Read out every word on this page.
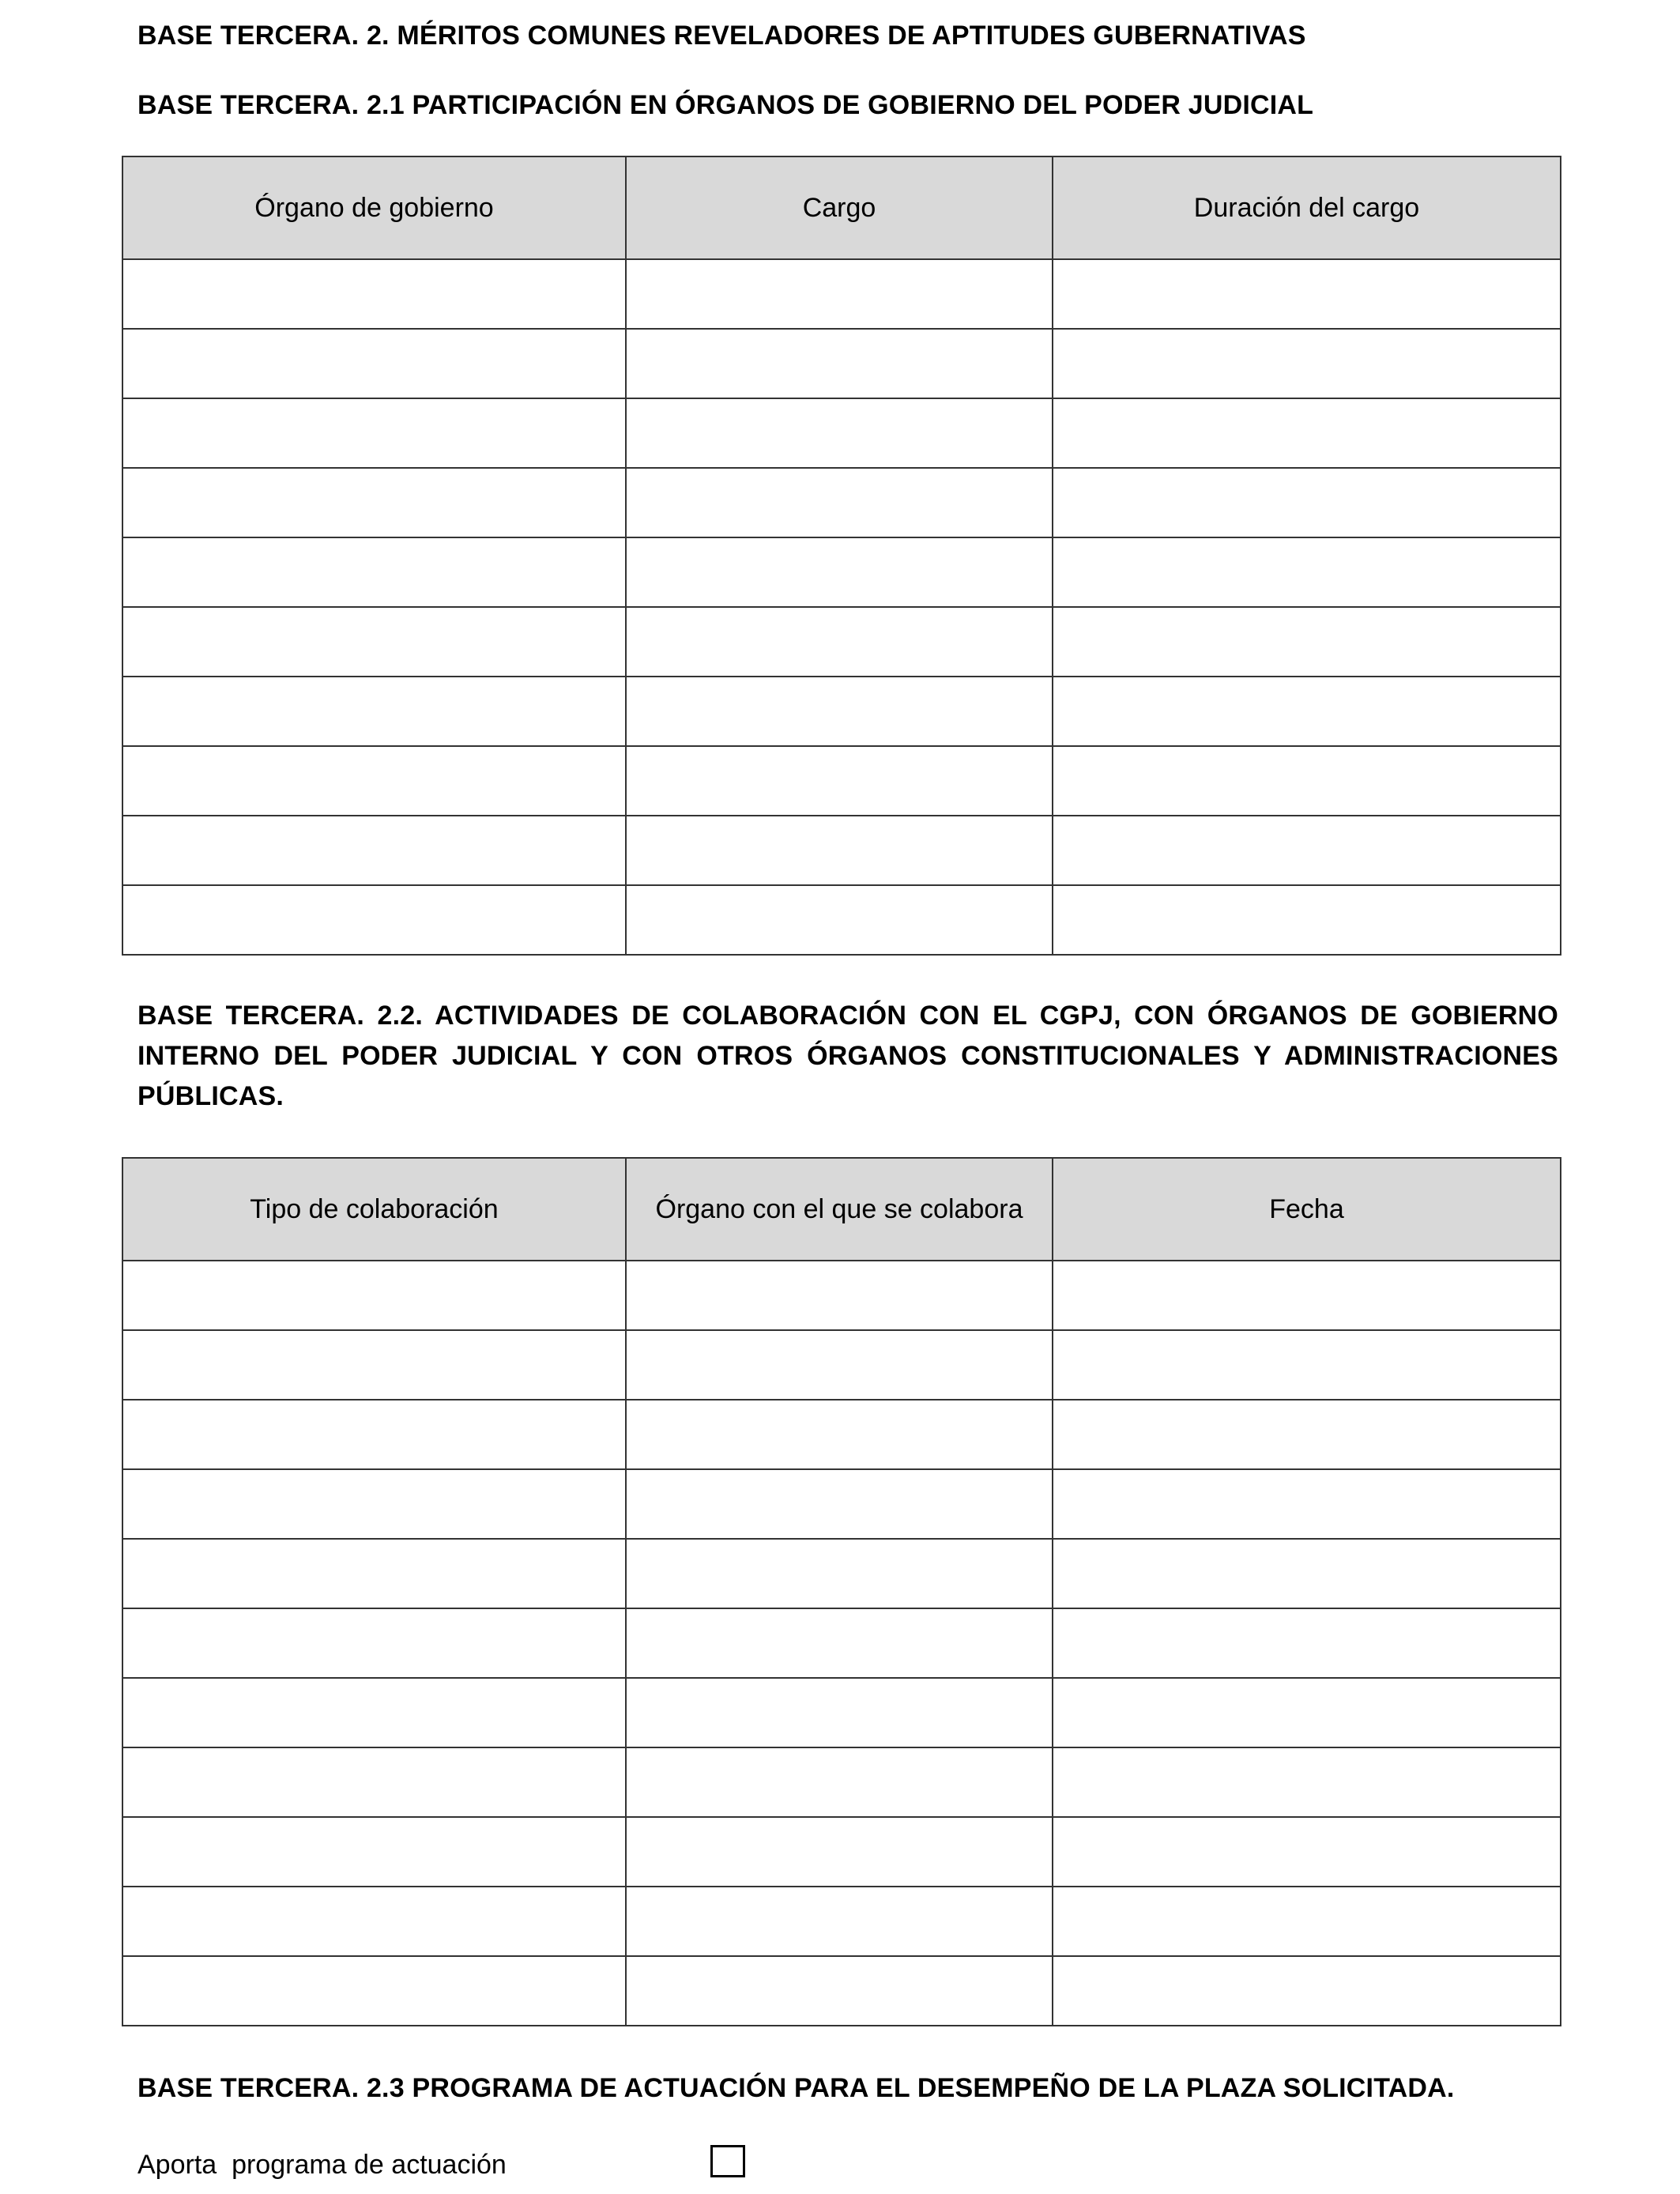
BASE TERCERA. 2. MÉRITOS COMUNES REVELADORES DE APTITUDES GUBERNATIVAS
BASE TERCERA. 2.1 PARTICIPACIÓN EN ÓRGANOS DE GOBIERNO DEL PODER JUDICIAL
Órgano de gobierno	Cargo	Duración del cargo

BASE TERCERA. 2.2. ACTIVIDADES DE COLABORACIÓN CON EL CGPJ, CON ÓRGANOS DE GOBIERNO INTERNO DEL PODER JUDICIAL Y CON OTROS ÓRGANOS CONSTITUCIONALES Y ADMINISTRACIONES PÚBLICAS.
Tipo de colaboración	Órgano con el que se colabora	Fecha

BASE TERCERA. 2.3 PROGRAMA DE ACTUACIÓN PARA EL DESEMPEÑO DE LA PLAZA SOLICITADA.
Aporta  programa de actuación
